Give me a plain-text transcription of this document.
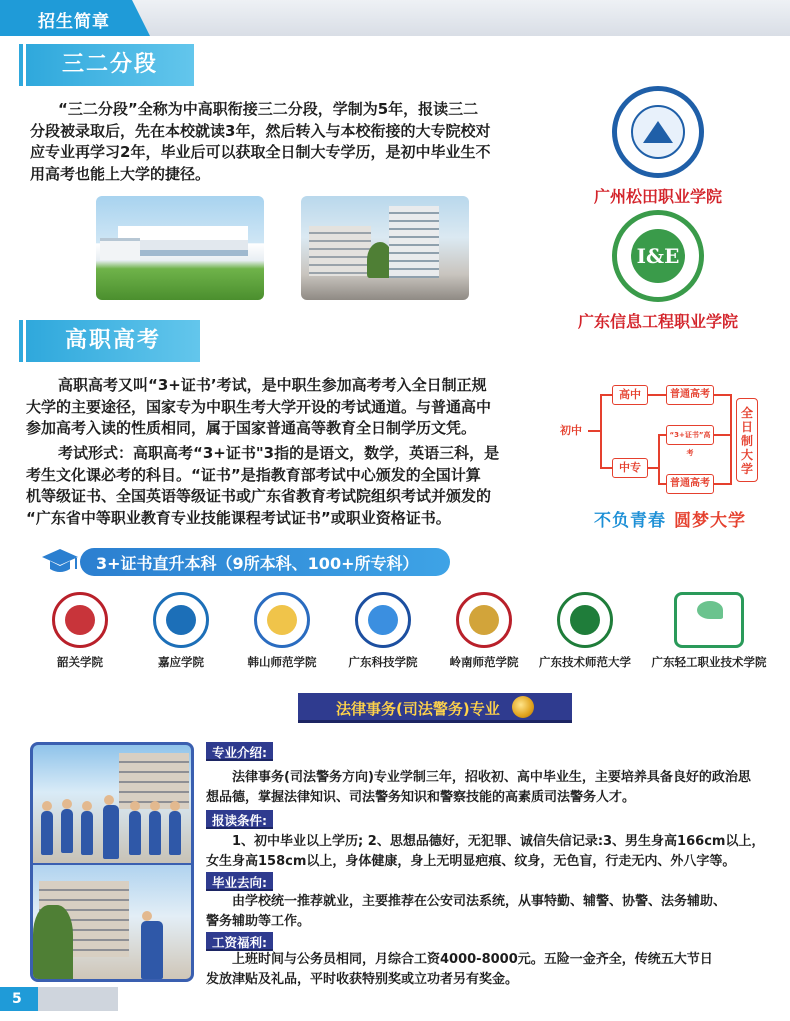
招生简章
三二分段
“三二分段”全称为中高职衔接三二分段，学制为5年，报读三二
分段被录取后，先在本校就读3年，然后转入与本校衔接的大专院校对
应专业再学习2年，毕业后可以获取全日制大专学历，是初中毕业生不
用高考也能上大学的捷径。
广州松田职业学院
I&E
广东信息工程职业学院
高职高考
高职高考又叫“3+证书’考试，是中职生参加高考考入全日制正规
大学的主要途径，国家专为中职生考大学开设的考试通道。与普通高中
参加高考入读的性质相同，属于国家普通高等教育全日制学历文凭。
考试形式：高职高考“3+证书"3指的是语文，数学，英语三科，是
考生文化课必考的科目。“证书”是指教育部考试中心颁发的全国计算
机等级证书、全国英语等级证书或广东省教育考试院组织考试并颁发的
“广东省中等职业教育专业技能课程考试证书”或职业资格证书。
初中
高中
中专
普通高考
“3+证书”高考
普通高考
全日制大学
不负青春 圆梦大学
3+证书直升本科（9所本科、100+所专科）
韶关学院	嘉应学院	韩山师范学院	广东科技学院	岭南师范学院	广东技术师范大学	广东轻工职业技术学院
法律事务(司法警务)专业
专业介绍:
法律事务(司法警务方向)专业学制三年，招收初、高中毕业生，主要培养具备良好的政治思
想品德，掌握法律知识、司法警务知识和警察技能的高素质司法警务人才。
报读条件:
1、初中毕业以上学历; 2、思想品德好，无犯罪、诚信失信记录:3、男生身高166cm以上，
女生身高158cm以上，身体健康，身上无明显疤痕、纹身，无色盲，行走无内、外八字等。
毕业去向:
由学校统一推荐就业，主要推荐在公安司法系统，从事特勤、辅警、协警、法务辅助、
警务辅助等工作。
工资福利:
上班时间与公务员相同，月综合工资4000-8000元。五险一金齐全，传统五大节日
发放津贴及礼品，平时收获特别奖或立功者另有奖金。
5
